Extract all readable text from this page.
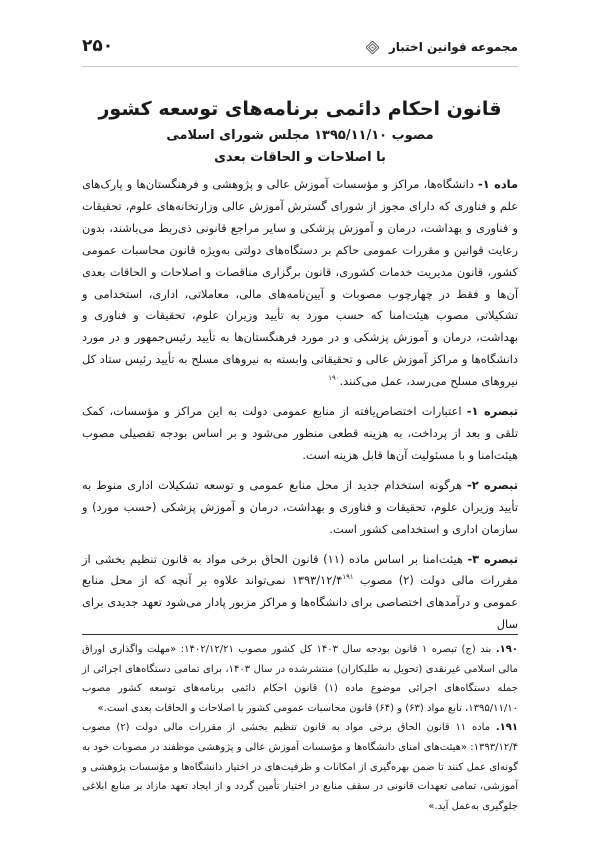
۲۵۰	مجموعه قوانین اختبار
قانون احکام دائمی برنامه‌های توسعه کشور
مصوب ۱۳۹۵/۱۱/۱۰ مجلس شورای اسلامی
با اصلاحات و الحاقات بعدی

ماده ۱- دانشگاه‌ها، مراکز و مؤسسات آموزش عالی و پژوهشی و فرهنگستان‌ها و پارک‌های علم و فناوری که دارای مجوز از شورای گسترش آموزش عالی وزارتخانه‌های علوم، تحقیقات و فناوری و بهداشت، درمان و آموزش پزشکی و سایر مراجع قانونی ذی‌ربط می‌باشند، بدون رعایت قوانین و مقررات عمومی حاکم بر دستگاه‌های دولتی به‌ویژه قانون محاسبات عمومی کشور، قانون مدیریت خدمات کشوری، قانون برگزاری مناقصات و اصلاحات و الحاقات بعدی آن‌ها و فقط در چهارچوب مصوبات و آیین‌نامه‌های مالی، معاملاتی، اداری، استخدامی و تشکیلاتی مصوب هیئت‌امنا که حسب مورد به تأیید وزیران علوم، تحقیقات و فناوری و بهداشت، درمان و آموزش پزشکی و در مورد فرهنگستان‌ها به تأیید رئیس‌جمهور و در مورد دانشگاه‌ها و مراکز آموزش عالی و تحقیقاتی وابسته به نیروهای مسلح به تأیید رئیس ستاد کل نیروهای مسلح می‌رسد، عمل می‌کنند.$^{۱۹۰}$

تبصره ۱- اعتبارات اختصاص‌یافته از منابع عمومی دولت به این مراکز و مؤسسات، کمک تلقی و بعد از پرداخت، به هزینه قطعی منظور می‌شود و بر اساس بودجه تفصیلی مصوب هیئت‌امنا و با مسئولیت آن‌ها قابل هزینه است.

تبصره ۲- هرگونه استخدام جدید از محل منابع عمومی و توسعه تشکیلات اداری منوط به تأیید وزیران علوم، تحقیقات و فناوری و بهداشت، درمان و آموزش پزشکی (حسب مورد) و سازمان اداری و استخدامی کشور است.

تبصره ۳- هیئت‌امنا بر اساس ماده (۱۱) قانون الحاق برخی مواد به قانون تنظیم بخشی از مقررات مالی دولت (۲) مصوب $۱۳۹۳/۱۲/۴^{۱۹۱}$ نمی‌تواند علاوه بر آنچه که از محل منابع عمومی و درآمدهای اختصاصی برای دانشگاه‌ها و مراکز مزبور پادار می‌شود تعهد جدیدی برای سال

۱۹۰. بند (ج) تبصره ۱ قانون بودجه سال ۱۴۰۳ کل کشور مصوب ۱۴۰۲/۱۲/۲۱: «مهلت واگذاری اوراق مالی اسلامی غیرنقدی (تحویل به طلبکاران) منتشرشده در سال ۱۴۰۳، برای تمامی دستگاه‌های اجرائی از جمله دستگاه‌های اجرائی موضوع ماده (۱) قانون احکام دائمی برنامه‌های توسعه کشور مصوب ۱۳۹۵/۱۱/۱۰، تابع مواد (۶۳) و (۶۴) قانون محاسبات عمومی کشور با اصلاحات و الحاقات بعدی است.»

۱۹۱. ماده ۱۱ قانون الحاق برخی مواد به قانون تنظیم بخشی از مقررات مالی دولت (۲) مصوب ۱۳۹۳/۱۲/۴: «هیئت‌های امنای دانشگاه‌ها و مؤسسات آموزش عالی و پژوهشی موظفند در مصوبات خود به گونه‌ای عمل کنند تا ضمن بهره‌گیری از امکانات و ظرفیت‌های در اختیار دانشگاه‌ها و مؤسسات پژوهشی و آموزشی، تمامی تعهدات قانونی در سقف منابع در اختیار تأمین گردد و از ایجاد تعهد مازاد بر منابع ابلاغی جلوگیری به‌عمل آید.»
